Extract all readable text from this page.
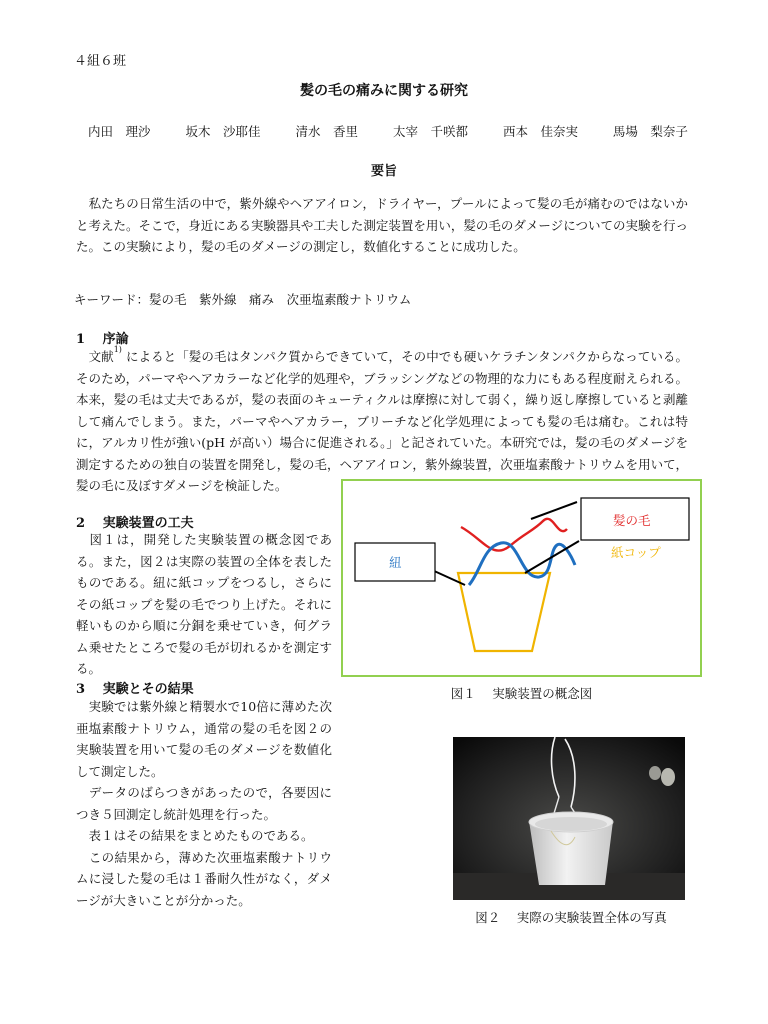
４組６班
髪の毛の痛みに関する研究
内田　理沙	坂木　沙耶佳	清水　香里	太宰　千咲都	西本　佳奈実	馬場　梨奈子
要旨

 私たちの日常生活の中で，紫外線やヘアアイロン，ドライヤー，プールによって髪の毛が痛むのではないかと考えた。そこで，身近にある実験器具や工夫した測定装置を用い，髪の毛のダメージについての実験を行った。この実験により，髪の毛のダメージの測定し，数値化することに成功した。

キーワード：髪の毛　紫外線　痛み　次亜塩素酸ナトリウム
1　 序論

 文献$^{1)}$ によると「髪の毛はタンパク質からできていて，その中でも硬いケラチンタンパクからなっている。そのため，パーマやヘアカラーなど化学的処理や，ブラッシングなどの物理的な力にもある程度耐えられる。本来，髪の毛は丈夫であるが，髪の表面のキューティクルは摩擦に対して弱く，繰り返し摩擦していると剥離して痛んでしまう。また，パーマやヘアカラー，ブリーチなど化学処理によっても髪の毛は痛む。これは特に，アルカリ性が強い(pH が高い）場合に促進される。」と記されていた。本研究では，髪の毛のダメージを測定するための独自の装置を開発し，髪の毛，ヘアアイロン，紫外線装置，次亜塩素酸ナトリウムを用いて，髪の毛に及ぼすダメージを検証した。

2　 実験装置の工夫

 図１は，開発した実験装置の概念図である。また，図２は実際の装置の全体を表したものである。紐に紙コップをつるし，さらにその紙コップを髪の毛でつり上げた。それに軽いものから順に分銅を乗せていき，何グラム乗せたところで髪の毛が切れるかを測定する。

3　 実験とその結果

 実験では紫外線と精製水で10倍に薄めた次亜塩素酸ナトリウム，通常の髪の毛を図２の実験装置を用いて髪の毛のダメージを数値化して測定した。

 データのばらつきがあったので，各要因につき５回測定し統計処理を行った。

 表１はその結果をまとめたものである。

 この結果から，薄めた次亜塩素酸ナトリウムに浸した髪の毛は１番耐久性がなく，ダメージが大きいことが分かった。

紐
髪の毛
紙コップ
図１　 実験装置の概念図
図２　 実際の実験装置全体の写真
